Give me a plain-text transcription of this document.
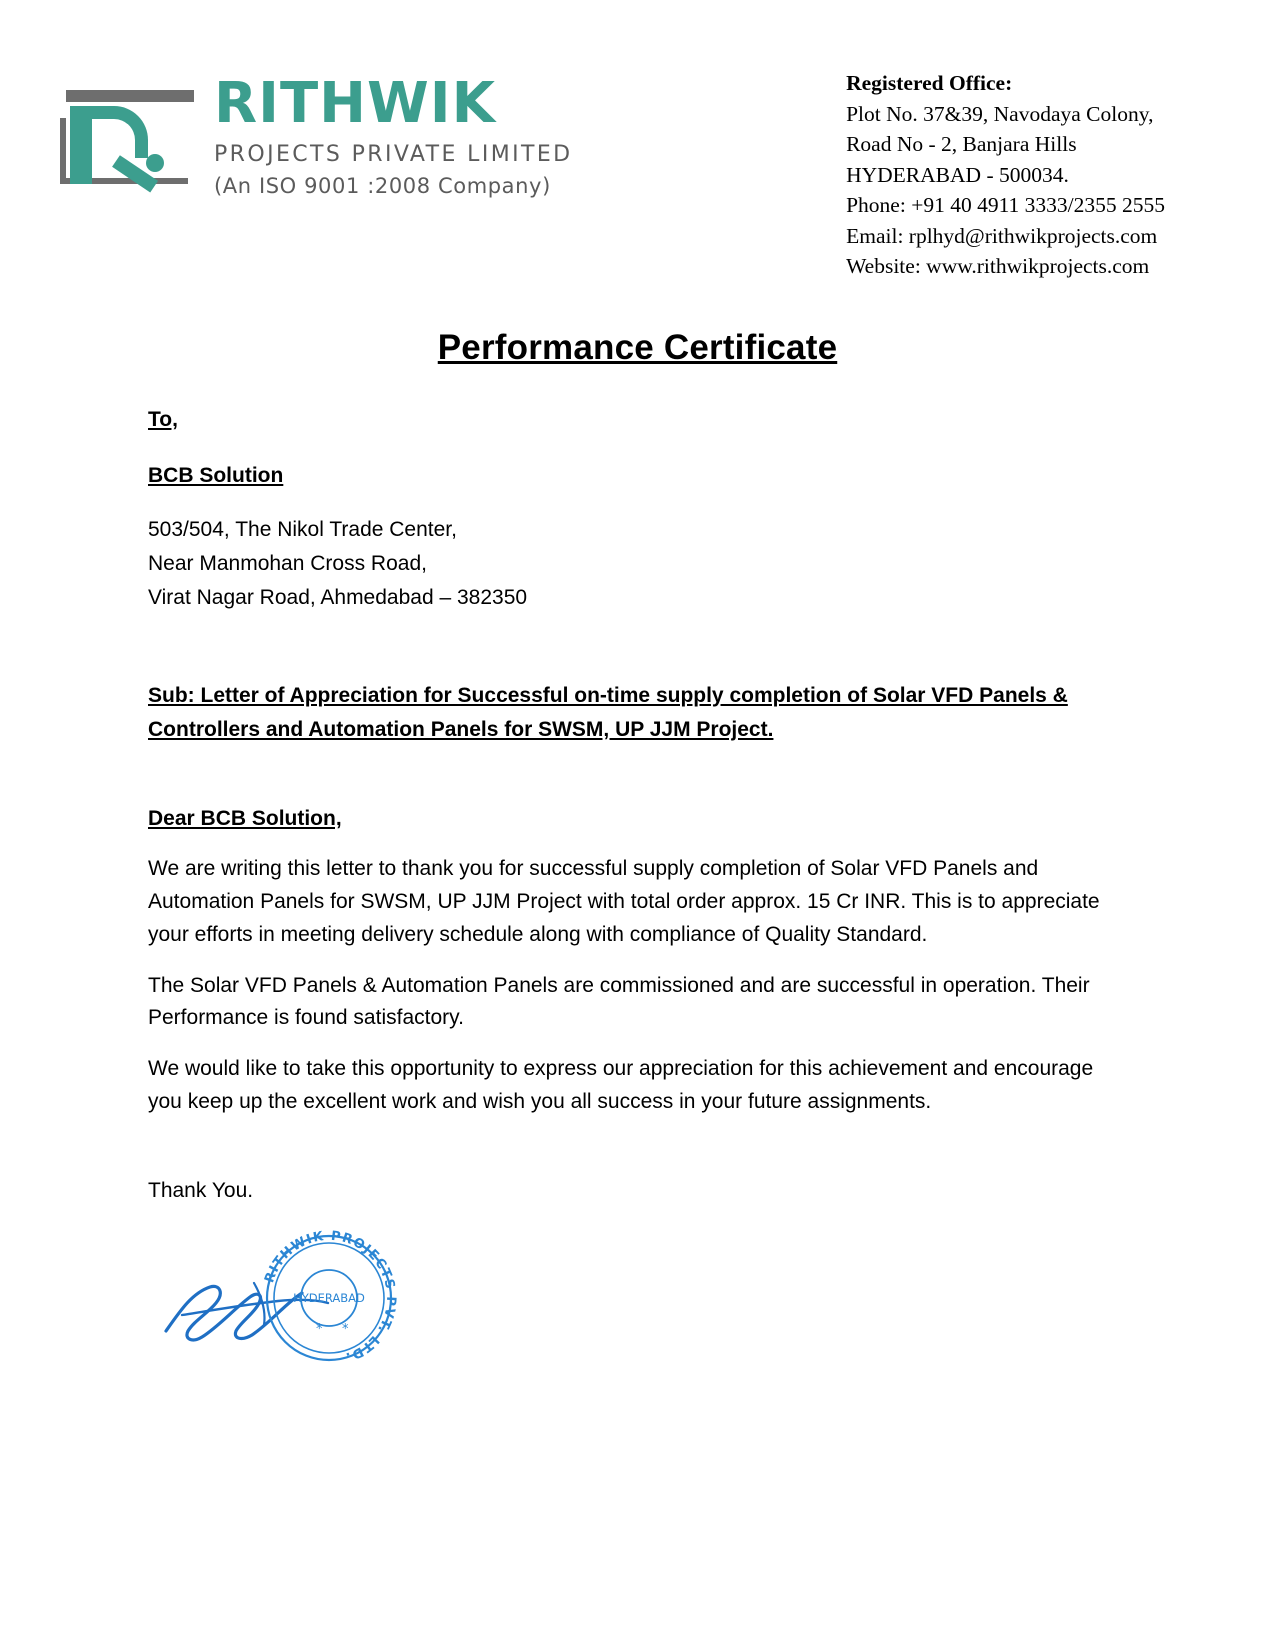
RITHWIK
PROJECTS PRIVATE LIMITED
(An ISO 9001 :2008 Company)
Registered Office:
Plot No. 37&39, Navodaya Colony,
Road No - 2, Banjara Hills
HYDERABAD - 500034.
Phone: +91 40 4911 3333/2355 2555
Email: rplhyd@rithwikprojects.com
Website: www.rithwikprojects.com
Performance Certificate
To,
BCB Solution
503/504, The Nikol Trade Center,
Near Manmohan Cross Road,
Virat Nagar Road, Ahmedabad – 382350
Sub: Letter of Appreciation for Successful on-time supply completion of Solar VFD Panels & Controllers and Automation Panels for SWSM, UP JJM Project.
Dear BCB Solution,
We are writing this letter to thank you for successful supply completion of Solar VFD Panels and Automation Panels for SWSM, UP JJM Project with total order approx. 15 Cr INR. This is to appreciate your efforts in meeting delivery schedule along with compliance of Quality Standard.
The Solar VFD Panels & Automation Panels are commissioned and are successful in operation. Their Performance is found satisfactory.
We would like to take this opportunity to express our appreciation for this achievement and encourage you keep up the excellent work and wish you all success in your future assignments.
Thank You.
RITHWIK PROJECTS PVT. LTD.
HYDERABAD
* *
